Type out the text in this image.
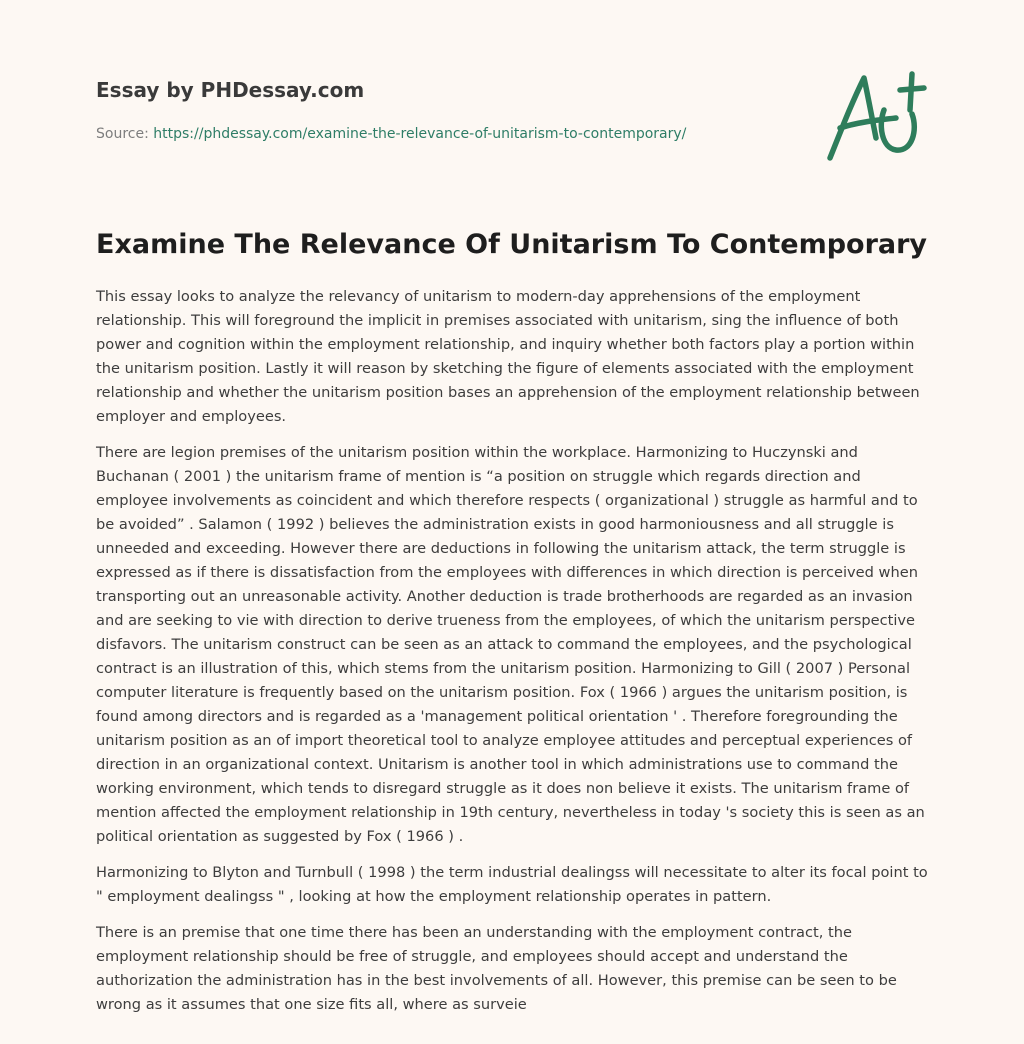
Essay by PHDessay.com

Source: https://phdessay.com/examine-the-relevance-of-unitarism-to-contemporary/
Examine The Relevance Of Unitarism To Contemporary

This essay looks to analyze the relevancy of unitarism to modern-day apprehensions of the employment relationship. This will foreground the implicit in premises associated with unitarism, sing the influence of both power and cognition within the employment relationship, and inquiry whether both factors play a portion within the unitarism position. Lastly it will reason by sketching the figure of elements associated with the employment relationship and whether the unitarism position bases an apprehension of the employment relationship between employer and employees.

There are legion premises of the unitarism position within the workplace. Harmonizing to Huczynski and Buchanan ( 2001 ) the unitarism frame of mention is “a position on struggle which regards direction and employee involvements as coincident and which therefore respects ( organizational ) struggle as harmful and to be avoided” . Salamon ( 1992 ) believes the administration exists in good harmoniousness and all struggle is unneeded and exceeding. However there are deductions in following the unitarism attack, the term struggle is expressed as if there is dissatisfaction from the employees with differences in which direction is perceived when transporting out an unreasonable activity. Another deduction is trade brotherhoods are regarded as an invasion and are seeking to vie with direction to derive trueness from the employees, of which the unitarism perspective disfavors. The unitarism construct can be seen as an attack to command the employees, and the psychological contract is an illustration of this, which stems from the unitarism position. Harmonizing to Gill ( 2007 ) Personal computer literature is frequently based on the unitarism position. Fox ( 1966 ) argues the unitarism position, is found among directors and is regarded as a 'management political orientation ' . Therefore foregrounding the unitarism position as an of import theoretical tool to analyze employee attitudes and perceptual experiences of direction in an organizational context. Unitarism is another tool in which administrations use to command the working environment, which tends to disregard struggle as it does non believe it exists. The unitarism frame of mention affected the employment relationship in 19th century, nevertheless in today 's society this is seen as an political orientation as suggested by Fox ( 1966 ) .

Harmonizing to Blyton and Turnbull ( 1998 ) the term industrial dealingss will necessitate to alter its focal point to " employment dealingss " , looking at how the employment relationship operates in pattern.

There is an premise that one time there has been an understanding with the employment contract, the employment relationship should be free of struggle, and employees should accept and understand the authorization the administration has in the best involvements of all. However, this premise can be seen to be wrong as it assumes that one size fits all, where as surveie
